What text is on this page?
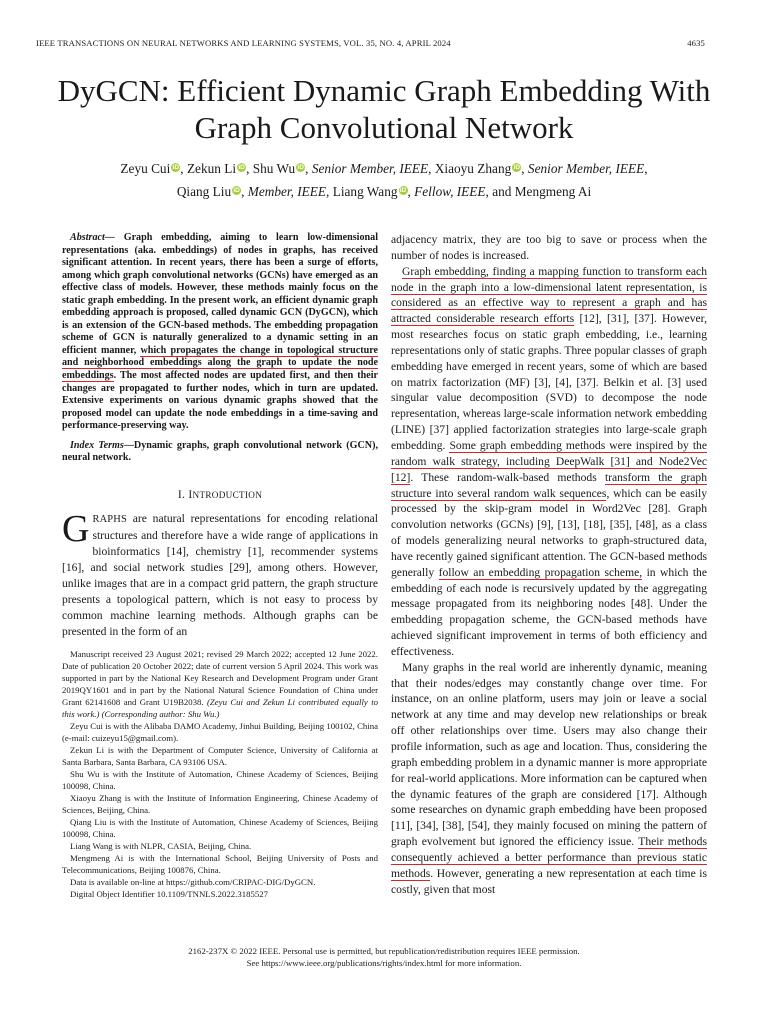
IEEE TRANSACTIONS ON NEURAL NETWORKS AND LEARNING SYSTEMS, VOL. 35, NO. 4, APRIL 2024	4635
DyGCN: Efficient Dynamic Graph Embedding With
Graph Convolutional Network
Zeyu Cui iD, Zekun Li iD, Shu Wu iD, Senior Member, IEEE, Xiaoyu Zhang iD, Senior Member, IEEE,
Qiang Liu iD, Member, IEEE, Liang Wang iD, Fellow, IEEE, and Mengmeng Ai

Abstract— Graph embedding, aiming to learn low-dimensional representations (aka. embeddings) of nodes in graphs, has received significant attention. In recent years, there has been a surge of efforts, among which graph convolutional networks (GCNs) have emerged as an effective class of models. However, these methods mainly focus on the static graph embedding. In the present work, an efficient dynamic graph embedding approach is proposed, called dynamic GCN (DyGCN), which is an extension of the GCN-based methods. The embedding propagation scheme of GCN is naturally generalized to a dynamic setting in an efficient manner, which propagates the change in topological structure and neighborhood embeddings along the graph to update the node embeddings. The most affected nodes are updated first, and then their changes are propagated to further nodes, which in turn are updated. Extensive experiments on various dynamic graphs showed that the proposed model can update the node embeddings in a time-saving and performance-preserving way.

Index Terms—Dynamic graphs, graph convolutional network (GCN), neural network.

I. INTRODUCTION

GRAPHS are natural representations for encoding relational structures and therefore have a wide range of applications in bioinformatics [14], chemistry [1], recommender systems [16], and social network studies [29], among others. However, unlike images that are in a compact grid pattern, the graph structure presents a topological pattern, which is not easy to process by common machine learning methods. Although graphs can be presented in the form of an

Manuscript received 23 August 2021; revised 29 March 2022; accepted 12 June 2022. Date of publication 20 October 2022; date of current version 5 April 2024. This work was supported in part by the National Key Research and Development Program under Grant 2019QY1601 and in part by the National Natural Science Foundation of China under Grant 62141608 and Grant U19B2038. (Zeyu Cui and Zekun Li contributed equally to this work.) (Corresponding author: Shu Wu.)

Zeyu Cui is with the Alibaba DAMO Academy, Jinhui Building, Beijing 100102, China (e-mail: cuizeyu15@gmail.com).

Zekun Li is with the Department of Computer Science, University of California at Santa Barbara, Santa Barbara, CA 93106 USA.

Shu Wu is with the Institute of Automation, Chinese Academy of Sciences, Beijing 100098, China.

Xiaoyu Zhang is with the Institute of Information Engineering, Chinese Academy of Sciences, Beijing, China.

Qiang Liu is with the Institute of Automation, Chinese Academy of Sciences, Beijing 100098, China.

Liang Wang is with NLPR, CASIA, Beijing, China.

Mengmeng Ai is with the International School, Beijing University of Posts and Telecommunications, Beijing 100876, China.

Data is available on-line at https://github.com/CRIPAC-DIG/DyGCN.

Digital Object Identifier 10.1109/TNNLS.2022.3185527

adjacency matrix, they are too big to save or process when the number of nodes is increased.

Graph embedding, finding a mapping function to transform each node in the graph into a low-dimensional latent representation, is considered as an effective way to represent a graph and has attracted considerable research efforts [12], [31], [37]. However, most researches focus on static graph embedding, i.e., learning representations only of static graphs. Three popular classes of graph embedding have emerged in recent years, some of which are based on matrix factorization (MF) [3], [4], [37]. Belkin et al. [3] used singular value decomposition (SVD) to decompose the node representation, whereas large-scale information network embedding (LINE) [37] applied factorization strategies into large-scale graph embedding. Some graph embedding methods were inspired by the random walk strategy, including DeepWalk [31] and Node2Vec [12]. These random-walk-based methods transform the graph structure into several random walk sequences, which can be easily processed by the skip-gram model in Word2Vec [28]. Graph convolution networks (GCNs) [9], [13], [18], [35], [48], as a class of models generalizing neural networks to graph-structured data, have recently gained significant attention. The GCN-based methods generally follow an embedding propagation scheme, in which the embedding of each node is recursively updated by the aggregating message propagated from its neighboring nodes [48]. Under the embedding propagation scheme, the GCN-based methods have achieved significant improvement in terms of both efficiency and effectiveness.

Many graphs in the real world are inherently dynamic, meaning that their nodes/edges may constantly change over time. For instance, on an online platform, users may join or leave a social network at any time and may develop new relationships or break off other relationships over time. Users may also change their profile information, such as age and location. Thus, considering the graph embedding problem in a dynamic manner is more appropriate for real-world applications. More information can be captured when the dynamic features of the graph are considered [17]. Although some researches on dynamic graph embedding have been proposed [11], [34], [38], [54], they mainly focused on mining the pattern of graph evolvement but ignored the efficiency issue. Their methods consequently achieved a better performance than previous static methods. However, generating a new representation at each time is costly, given that most

2162-237X © 2022 IEEE. Personal use is permitted, but republication/redistribution requires IEEE permission.
See https://www.ieee.org/publications/rights/index.html for more information.
